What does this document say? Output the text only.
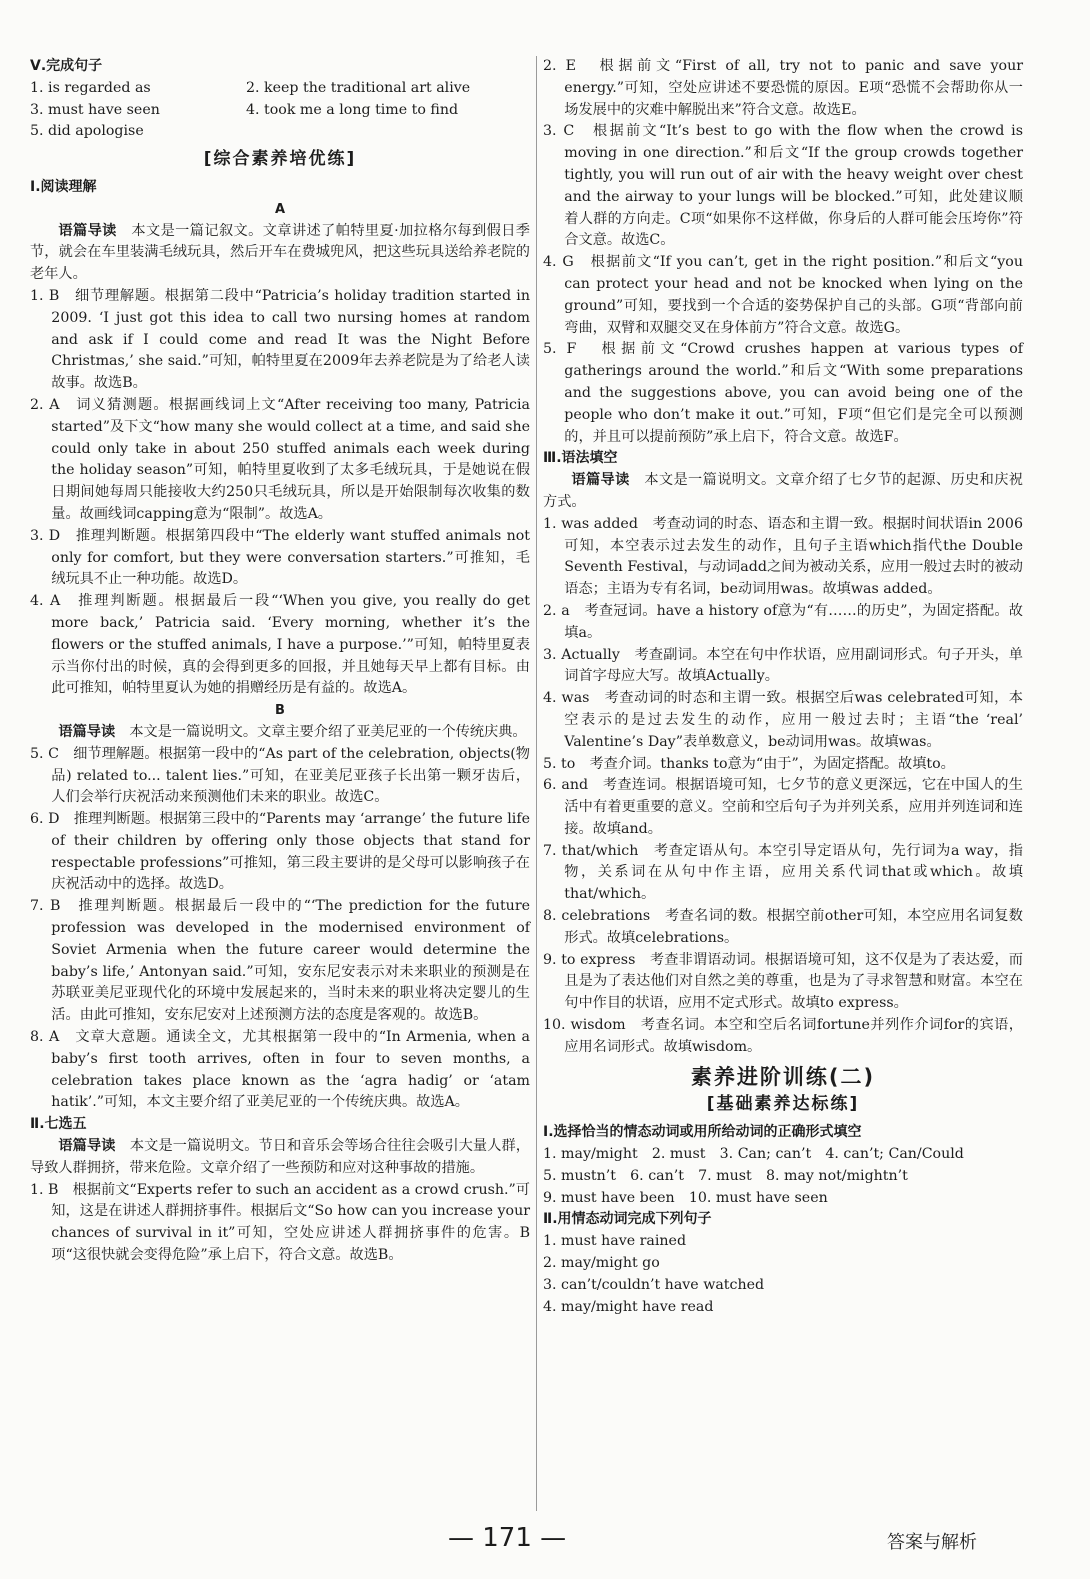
Ⅴ.完成句子

1. is regarded as	2. keep the traditional art alive
3. must have seen	4. took me a long time to find
5. did apologise

[综合素养培优练]

Ⅰ.阅读理解

A

语篇导读　 本文是一篇记叙文。文章讲述了帕特里夏·加拉格尔每到假日季节，就会在车里装满毛绒玩具，然后开车在费城兜风，把这些玩具送给养老院的老年人。

1. B　细节理解题。根据第二段中“Patricia’s holiday tradition started in 2009. ‘I just got this idea to call two nursing homes at random and ask if I could come and read It was the Night Before Christmas,’ she said.”可知，帕特里夏在2009年去养老院是为了给老人读故事。故选B。

2. A　词义猜测题。根据画线词上文“After receiving too many, Patricia started”及下文“how many she would collect at a time, and said she could only take in about 250 stuffed animals each week during the holiday season”可知，帕特里夏收到了太多毛绒玩具，于是她说在假日期间她每周只能接收大约250只毛绒玩具，所以是开始限制每次收集的数量。故画线词capping意为“限制”。故选A。

3. D　推理判断题。根据第四段中“The elderly want stuffed animals not only for comfort, but they were conversation starters.”可推知，毛绒玩具不止一种功能。故选D。

4. A　推理判断题。根据最后一段“‘When you give, you really do get more back,’ Patricia said. ‘Every morning, whether it’s the flowers or the stuffed animals, I have a purpose.’”可知，帕特里夏表示当你付出的时候，真的会得到更多的回报，并且她每天早上都有目标。由此可推知，帕特里夏认为她的捐赠经历是有益的。故选A。

B

语篇导读　 本文是一篇说明文。文章主要介绍了亚美尼亚的一个传统庆典。

5. C　细节理解题。根据第一段中的“As part of the celebration, objects(物品) related to... talent lies.”可知，在亚美尼亚孩子长出第一颗牙齿后，人们会举行庆祝活动来预测他们未来的职业。故选C。

6. D　推理判断题。根据第三段中的“Parents may ‘arrange’ the future life of their children by offering only those objects that stand for respectable professions”可推知，第三段主要讲的是父母可以影响孩子在庆祝活动中的选择。故选D。

7. B　推理判断题。根据最后一段中的“‘The prediction for the future profession was developed in the modernised environment of Soviet Armenia when the future career would determine the baby’s life,’ Antonyan said.”可知，安东尼安表示对未来职业的预测是在苏联亚美尼亚现代化的环境中发展起来的，当时未来的职业将决定婴儿的生活。由此可推知，安东尼安对上述预测方法的态度是客观的。故选B。

8. A　文章大意题。通读全文，尤其根据第一段中的“In Armenia, when a baby’s first tooth arrives, often in four to seven months, a celebration takes place known as the ‘agra hadig’ or ‘atam hatik’.”可知，本文主要介绍了亚美尼亚的一个传统庆典。故选A。

Ⅱ.七选五

语篇导读　 本文是一篇说明文。节日和音乐会等场合往往会吸引大量人群，导致人群拥挤，带来危险。文章介绍了一些预防和应对这种事故的措施。

1. B　根据前文“Experts refer to such an accident as a crowd crush.”可知，这是在讲述人群拥挤事件。根据后文“So how can you increase your chances of survival in it”可知，空处应讲述人群拥挤事件的危害。B项“这很快就会变得危险”承上启下，符合文意。故选B。

2. E　根据前文“First of all, try not to panic and save your energy.”可知，空处应讲述不要恐慌的原因。E项“恐慌不会帮助你从一场发展中的灾难中解脱出来”符合文意。故选E。

3. C　根据前文“It’s best to go with the flow when the crowd is moving in one direction.”和后文“If the group crowds together tightly, you will run out of air with the heavy weight over chest and the airway to your lungs will be blocked.”可知，此处建议顺着人群的方向走。C项“如果你不这样做，你身后的人群可能会压垮你”符合文意。故选C。

4. G　根据前文“If you can’t, get in the right position.”和后文“you can protect your head and not be knocked when lying on the ground”可知，要找到一个合适的姿势保护自己的头部。G项“背部向前弯曲，双臂和双腿交叉在身体前方”符合文意。故选G。

5. F　根据前文“Crowd crushes happen at various types of gatherings around the world.”和后文“With some preparations and the suggestions above, you can avoid being one of the people who don’t make it out.”可知，F项“但它们是完全可以预测的，并且可以提前预防”承上启下，符合文意。故选F。

Ⅲ.语法填空

语篇导读　 本文是一篇说明文。文章介绍了七夕节的起源、历史和庆祝方式。

1. was added　考查动词的时态、语态和主谓一致。根据时间状语in 2006可知，本空表示过去发生的动作，且句子主语which指代the Double Seventh Festival，与动词add之间为被动关系，应用一般过去时的被动语态；主语为专有名词，be动词用was。故填was added。

2. a　考查冠词。have a history of意为“有……的历史”，为固定搭配。故填a。

3. Actually　考查副词。本空在句中作状语，应用副词形式。句子开头，单词首字母应大写。故填Actually。

4. was　考查动词的时态和主谓一致。根据空后was celebrated可知，本空表示的是过去发生的动作，应用一般过去时；主语“the ‘real’ Valentine’s Day”表单数意义，be动词用was。故填was。

5. to　考查介词。thanks to意为“由于”，为固定搭配。故填to。

6. and　考查连词。根据语境可知，七夕节的意义更深远，它在中国人的生活中有着更重要的意义。空前和空后句子为并列关系，应用并列连词和连接。故填and。

7. that/which　考查定语从句。本空引导定语从句，先行词为a way，指物，关系词在从句中作主语，应用关系代词that或which。故填that/which。

8. celebrations　考查名词的数。根据空前other可知，本空应用名词复数形式。故填celebrations。

9. to express　考查非谓语动词。根据语境可知，这不仅是为了表达爱，而且是为了表达他们对自然之美的尊重，也是为了寻求智慧和财富。本空在句中作目的状语，应用不定式形式。故填to express。

10. wisdom　考查名词。本空和空后名词fortune并列作介词for的宾语，应用名词形式。故填wisdom。

素养进阶训练(二)

[基础素养达标练]

Ⅰ.选择恰当的情态动词或用所给动词的正确形式填空

1. may/might　2. must　3. Can; can’t　4. can’t; Can/Could

5. mustn’t　6. can’t　7. must　8. may not/mightn’t

9. must have been　10. must have seen

Ⅱ.用情态动词完成下列句子

1. must have rained

2. may/might go

3. can’t/couldn’t have watched

4. may/might have read

— 171 —	答案与解析
